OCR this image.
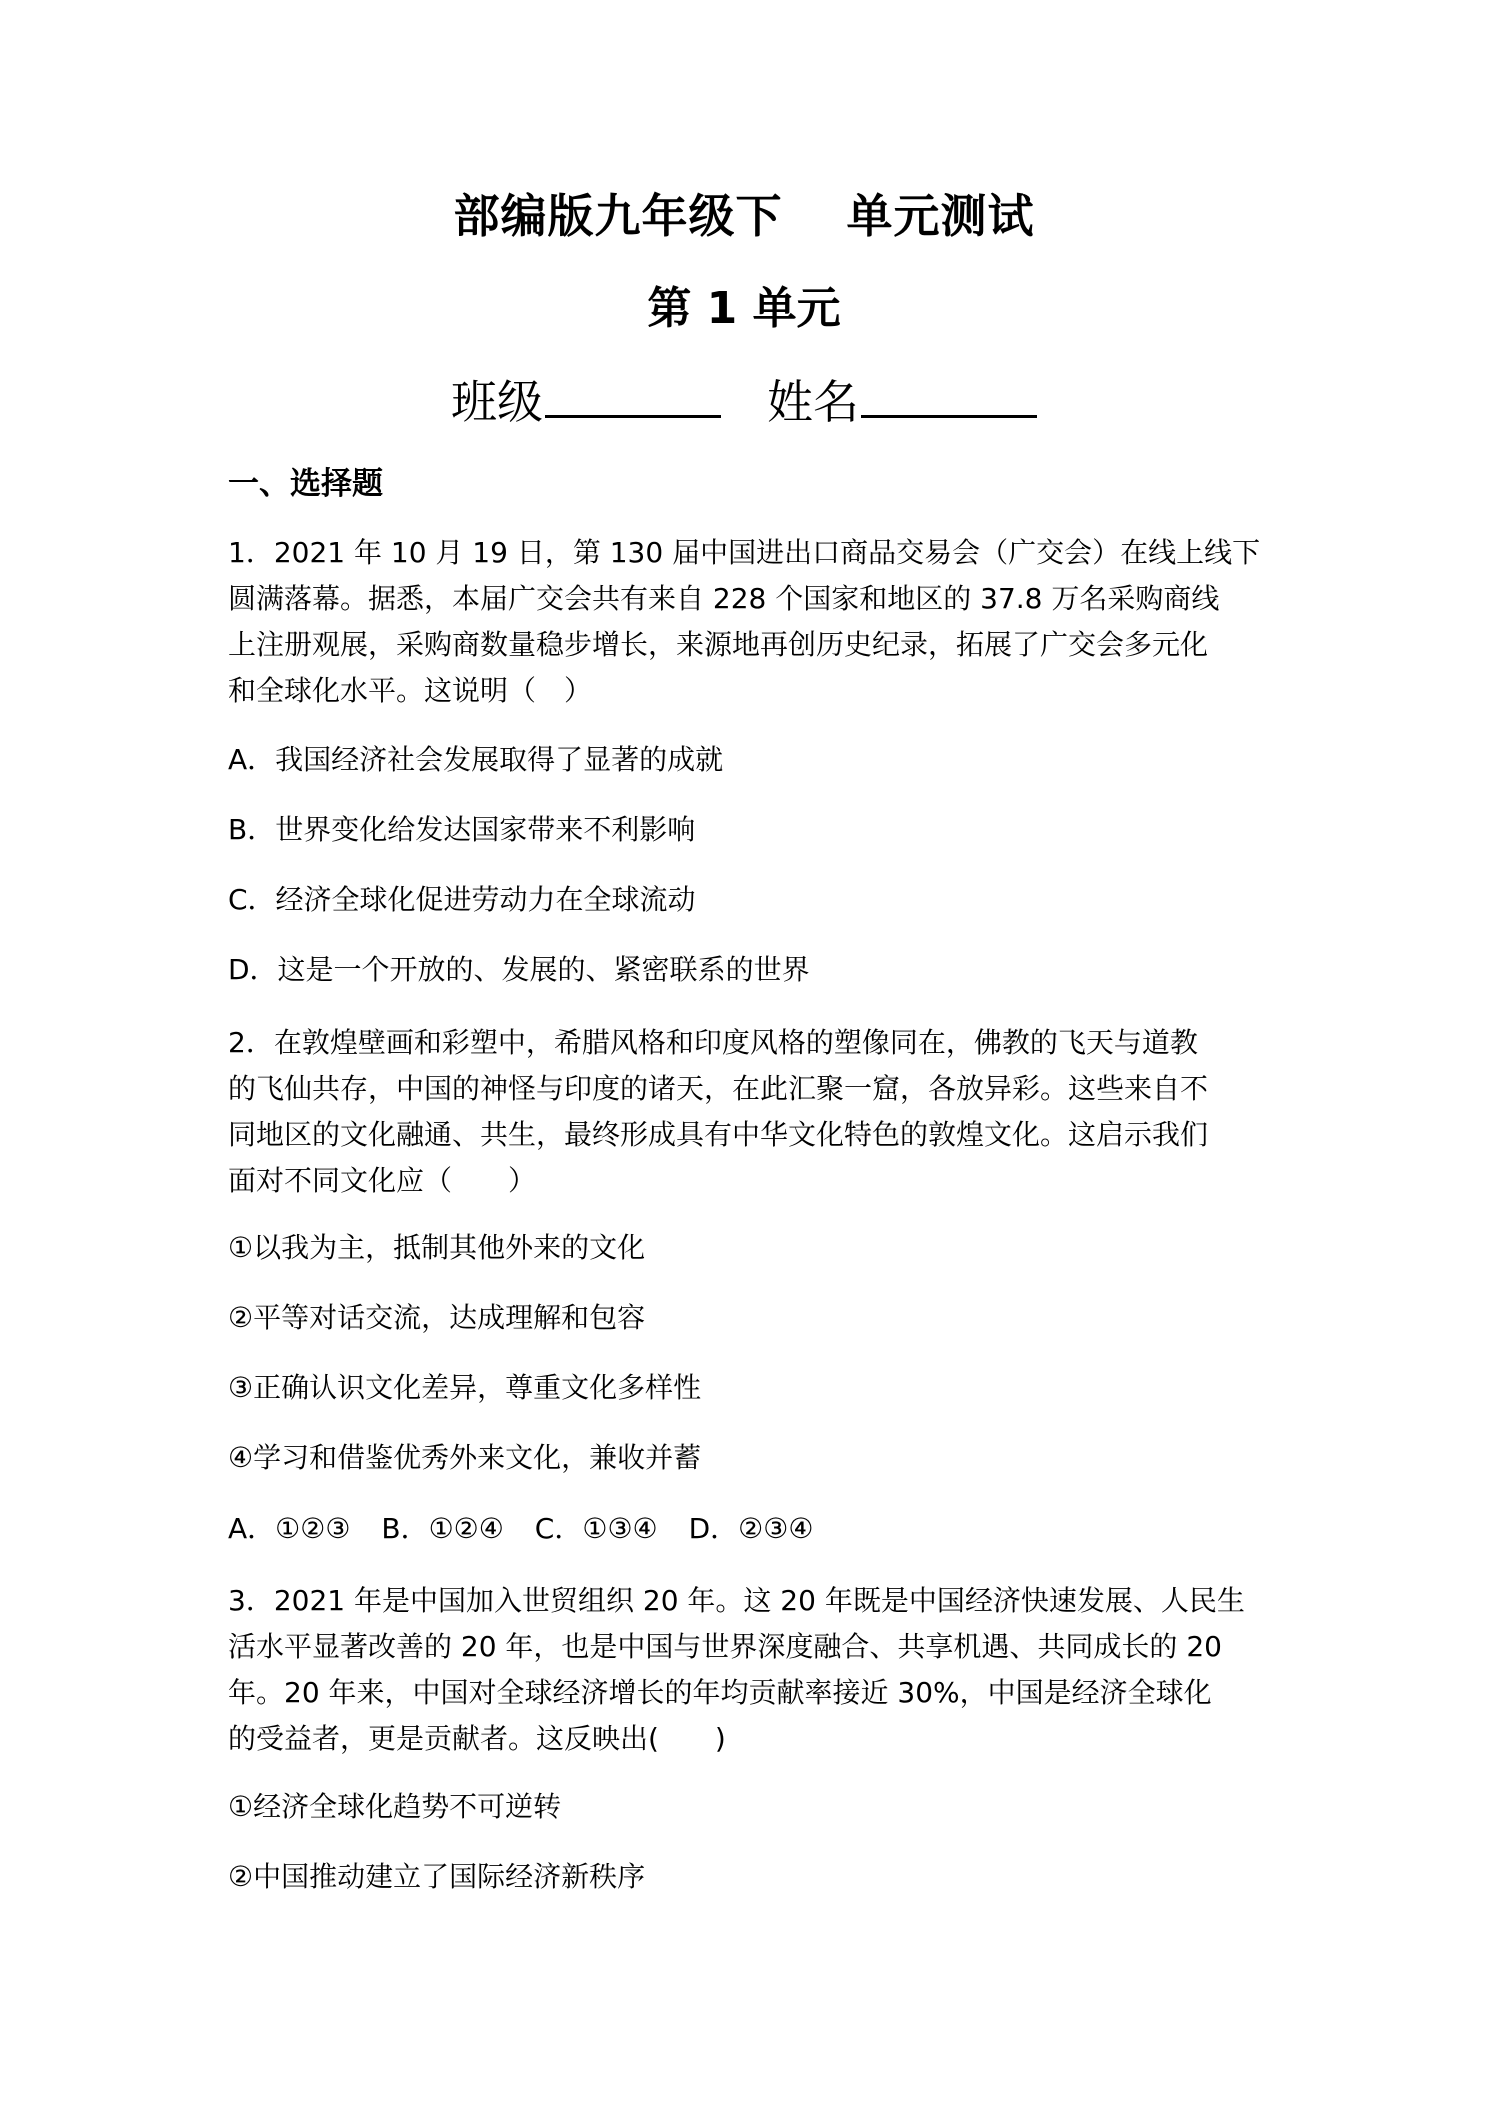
部编版九年级下 单元测试
第 1 单元
班级	姓名
一、选择题
1．2021 年 10 月 19 日，第 130 届中国进出口商品交易会（广交会）在线上线下
圆满落幕。据悉，本届广交会共有来自 228 个国家和地区的 37.8 万名采购商线
上注册观展，采购商数量稳步增长，来源地再创历史纪录，拓展了广交会多元化
和全球化水平。这说明（　）
A．我国经济社会发展取得了显著的成就
B．世界变化给发达国家带来不利影响
C．经济全球化促进劳动力在全球流动
D．这是一个开放的、发展的、紧密联系的世界
2．在敦煌壁画和彩塑中，希腊风格和印度风格的塑像同在，佛教的飞天与道教
的飞仙共存，中国的神怪与印度的诸天，在此汇聚一窟，各放异彩。这些来自不
同地区的文化融通、共生，最终形成具有中华文化特色的敦煌文化。这启示我们
面对不同文化应（　　）
①以我为主，抵制其他外来的文化
②平等对话交流，达成理解和包容
③正确认识文化差异，尊重文化多样性
④学习和借鉴优秀外来文化，兼收并蓄
A．①②③ B．①②④ C．①③④ D．②③④
3．2021 年是中国加入世贸组织 20 年。这 20 年既是中国经济快速发展、人民生
活水平显著改善的 20 年，也是中国与世界深度融合、共享机遇、共同成长的 20
年。20 年来，中国对全球经济增长的年均贡献率接近 30%，中国是经济全球化
的受益者，更是贡献者。这反映出(　　)
①经济全球化趋势不可逆转
②中国推动建立了国际经济新秩序
